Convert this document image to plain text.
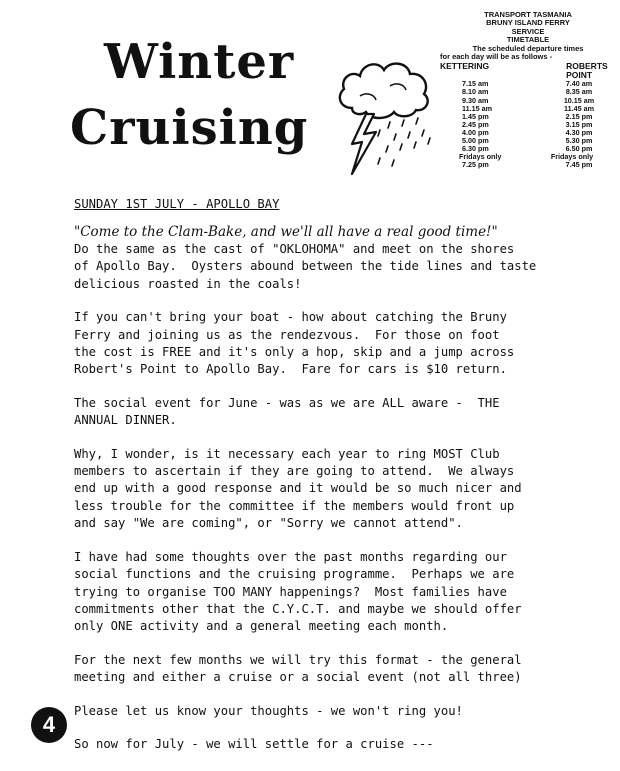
Winter
Cruising
TRANSPORT TASMANIA
BRUNY ISLAND FERRY
SERVICE
TIMETABLE
The scheduled departure times
for each day will be as follows -
KETTERING	ROBERTS POINT
7.15 am	7.40 am
8.10 am	8.35 am
9.30 am	10.15 am
11.15 am	11.45 am
1.45 pm	2.15 pm
2.45 pm	3.15 pm
4.00 pm	4.30 pm
5.00 pm	5.30 pm
6.30 pm	6.50 pm
Fridays only	Fridays only
7.25 pm	7.45 pm
SUNDAY 1ST JULY - APOLLO BAY
"Come to the Clam-Bake, and we'll all have a real good time!"

Do the same as the cast of "OKLOHOMA" and meet on the shores
of Apollo Bay.  Oysters abound between the tide lines and taste
delicious roasted in the coals!

If you can't bring your boat - how about catching the Bruny
Ferry and joining us as the rendezvous.  For those on foot
the cost is FREE and it's only a hop, skip and a jump across
Robert's Point to Apollo Bay.  Fare for cars is $10 return.

The social event for June - was as we are ALL aware -  THE
ANNUAL DINNER.

Why, I wonder, is it necessary each year to ring MOST Club
members to ascertain if they are going to attend.  We always
end up with a good response and it would be so much nicer and
less trouble for the committee if the members would front up
and say "We are coming", or "Sorry we cannot attend".

I have had some thoughts over the past months regarding our
social functions and the cruising programme.  Perhaps we are
trying to organise TOO MANY happenings?  Most families have
commitments other that the C.Y.C.T. and maybe we should offer
only ONE activity and a general meeting each month.

For the next few months we will try this format - the general
meeting and either a cruise or a social event (not all three)

Please let us know your thoughts - we won't ring you!

So now for July - we will settle for a cruise ---

4
